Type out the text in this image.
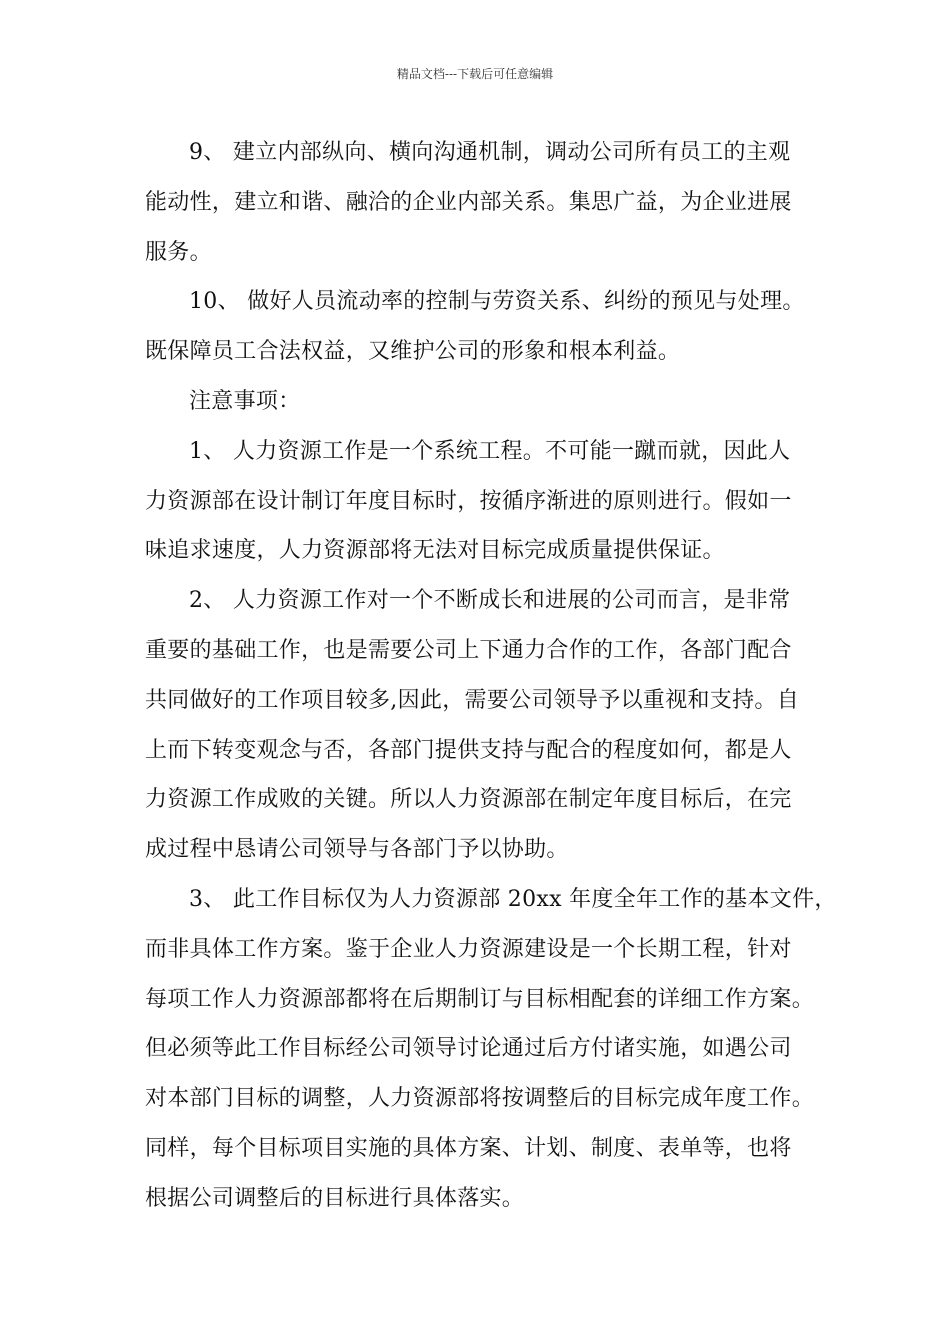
精品文档---下载后可任意编辑

9、 建立内部纵向、横向沟通机制，调动公司所有员工的主观
能动性，建立和谐、融洽的企业内部关系。集思广益，为企业进展
服务。

10、 做好人员流动率的控制与劳资关系、纠纷的预见与处理。
既保障员工合法权益，又维护公司的形象和根本利益。

注意事项：

1、 人力资源工作是一个系统工程。不可能一蹴而就，因此人
力资源部在设计制订年度目标时，按循序渐进的原则进行。假如一
味追求速度，人力资源部将无法对目标完成质量提供保证。

2、 人力资源工作对一个不断成长和进展的公司而言，是非常
重要的基础工作，也是需要公司上下通力合作的工作，各部门配合
共同做好的工作项目较多,因此，需要公司领导予以重视和支持。自
上而下转变观念与否，各部门提供支持与配合的程度如何，都是人
力资源工作成败的关键。所以人力资源部在制定年度目标后，在完
成过程中恳请公司领导与各部门予以协助。

3、 此工作目标仅为人力资源部 20xx 年度全年工作的基本文件，
而非具体工作方案。鉴于企业人力资源建设是一个长期工程，针对
每项工作人力资源部都将在后期制订与目标相配套的详细工作方案。
但必须等此工作目标经公司领导讨论通过后方付诸实施，如遇公司
对本部门目标的调整，人力资源部将按调整后的目标完成年度工作。
同样，每个目标项目实施的具体方案、计划、制度、表单等，也将
根据公司调整后的目标进行具体落实。
